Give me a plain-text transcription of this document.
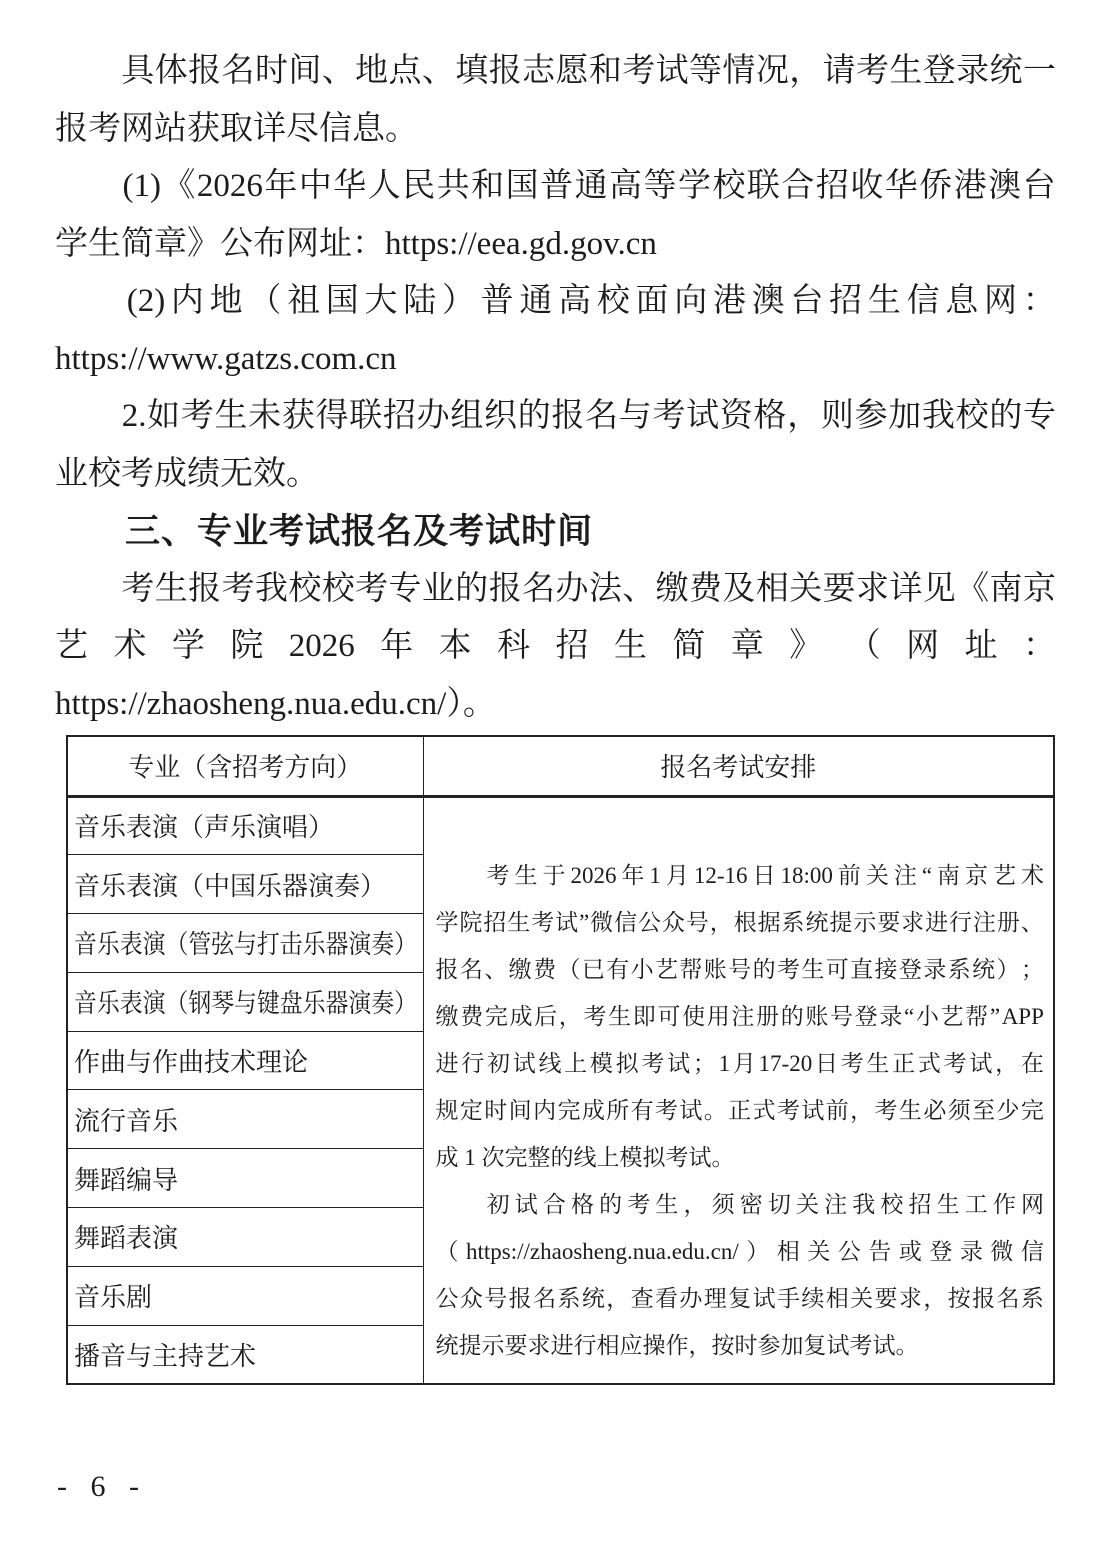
具 体 报 名 时 间 、 地 点 、 填 报 志 愿 和 考 试 等 情 况 ， 请 考 生 登 录 统 一
报考网站获取详尽信息。
(1) 《 2026 年 中 华 人 民 共 和 国 普 通 高 等 学 校 联 合 招 收 华 侨 港 澳 台
学生简章》公布网址：https://eea.gd.gov.cn
(2) 内 地 （ 祖 国 大 陆 ） 普 通 高 校 面 向 港 澳 台 招 生 信 息 网 ：
https://www.gatzs.com.cn
2. 如 考 生 未 获 得 联 招 办 组 织 的 报 名 与 考 试 资 格 ， 则 参 加 我 校 的 专
业校考成绩无效。
三、专业考试报名及考试时间
考 生 报 考 我 校 校 考 专 业 的 报 名 办 法 、 缴 费 及 相 关 要 求 详 见 《 南 京
艺 术 学 院 2026 年 本 科 招 生 简 章 》 （ 网 址 ：
https://zhaosheng.nua.edu.cn/）。
专业（含招考方向）	报名考试安排
音乐表演（声乐演唱）	
考 生 于 2026 年 1 月 12-16 日 18:00 前 关 注 “ 南 京 艺 术
学 院 招 生 考 试 ” 微 信 公 众 号 ， 根 据 系 统 提 示 要 求 进 行 注 册 、
报 名 、 缴 费 （ 已 有 小 艺 帮 账 号 的 考 生 可 直 接 登 录 系 统 ） ；
缴 费 完 成 后 ， 考 生 即 可 使 用 注 册 的 账 号 登 录 “ 小 艺 帮 ” APP
进 行 初 试 线 上 模 拟 考 试 ； 1 月 17-20 日 考 生 正 式 考 试 ， 在
规 定 时 间 内 完 成 所 有 考 试 。 正 式 考 试 前 ， 考 生 必 须 至 少 完
成 1 次完整的线上模拟考试。
初 试 合 格 的 考 生 ， 须 密 切 关 注 我 校 招 生 工 作 网
（ https://zhaosheng.nua.edu.cn/ ） 相 关 公 告 或 登 录 微 信
公 众 号 报 名 系 统 ， 查 看 办 理 复 试 手 续 相 关 要 求 ， 按 报 名 系
统提示要求进行相应操作，按时参加复试考试。

音乐表演（中国乐器演奏）	
音乐表演（管弦与打击乐器演奏）	
音乐表演（钢琴与键盘乐器演奏）	
作曲与作曲技术理论	
流行音乐	
舞蹈编导	
舞蹈表演	
音乐剧	
播音与主持艺术	
- 6 -
